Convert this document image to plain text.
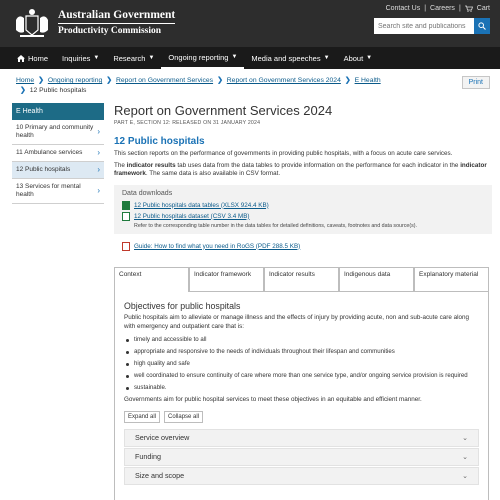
Australian Government
Productivity Commission
Contact Us | Careers | Cart
Search site and publications
Home Inquiries ▼ Research ▼ Ongoing reporting ▼ Media and speeches ▼ About ▼
Home ❯ Ongoing reporting ❯ Report on Government Services ❯ Report on Government Services 2024 ❯ E Health
❯ 12 Public hospitals
Print
E Health
10 Primary and community health	›
11 Ambulance services ›
12 Public hospitals	›
13 Services for mental health	›
Report on Government Services 2024
PART E, SECTION 12: RELEASED ON 31 JANUARY 2024
12 Public hospitals

This section reports on the performance of governments in providing public hospitals, with a focus on acute care services.

The indicator results tab uses data from the data tables to provide information on the performance for each indicator in the indicator framework. The same data is also available in CSV format.

Data downloads
12 Public hospitals data tables (XLSX 924.4 KB)
12 Public hospitals dataset (CSV 3.4 MB)
Refer to the corresponding table number in the data tables for detailed definitions, caveats, footnotes and data source(s).
Guide: How to find what you need in RoGS (PDF 288.5 KB)
Context	Indicator framework	Indicator results	Indigenous data	Explanatory material
Objectives for public hospitals

Public hospitals aim to alleviate or manage illness and the effects of injury by providing acute, non and sub-acute care along with emergency and outpatient care that is:

timely and accessible to all
appropriate and responsive to the needs of individuals throughout their lifespan and communities
high quality and safe
well coordinated to ensure continuity of care where more than one service type, and/or ongoing service provision is required
sustainable.

Governments aim for public hospital services to meet these objectives in an equitable and efficient manner.

Expand all	Collapse all
Service overview	⌄
Funding	⌄
Size and scope	⌄
